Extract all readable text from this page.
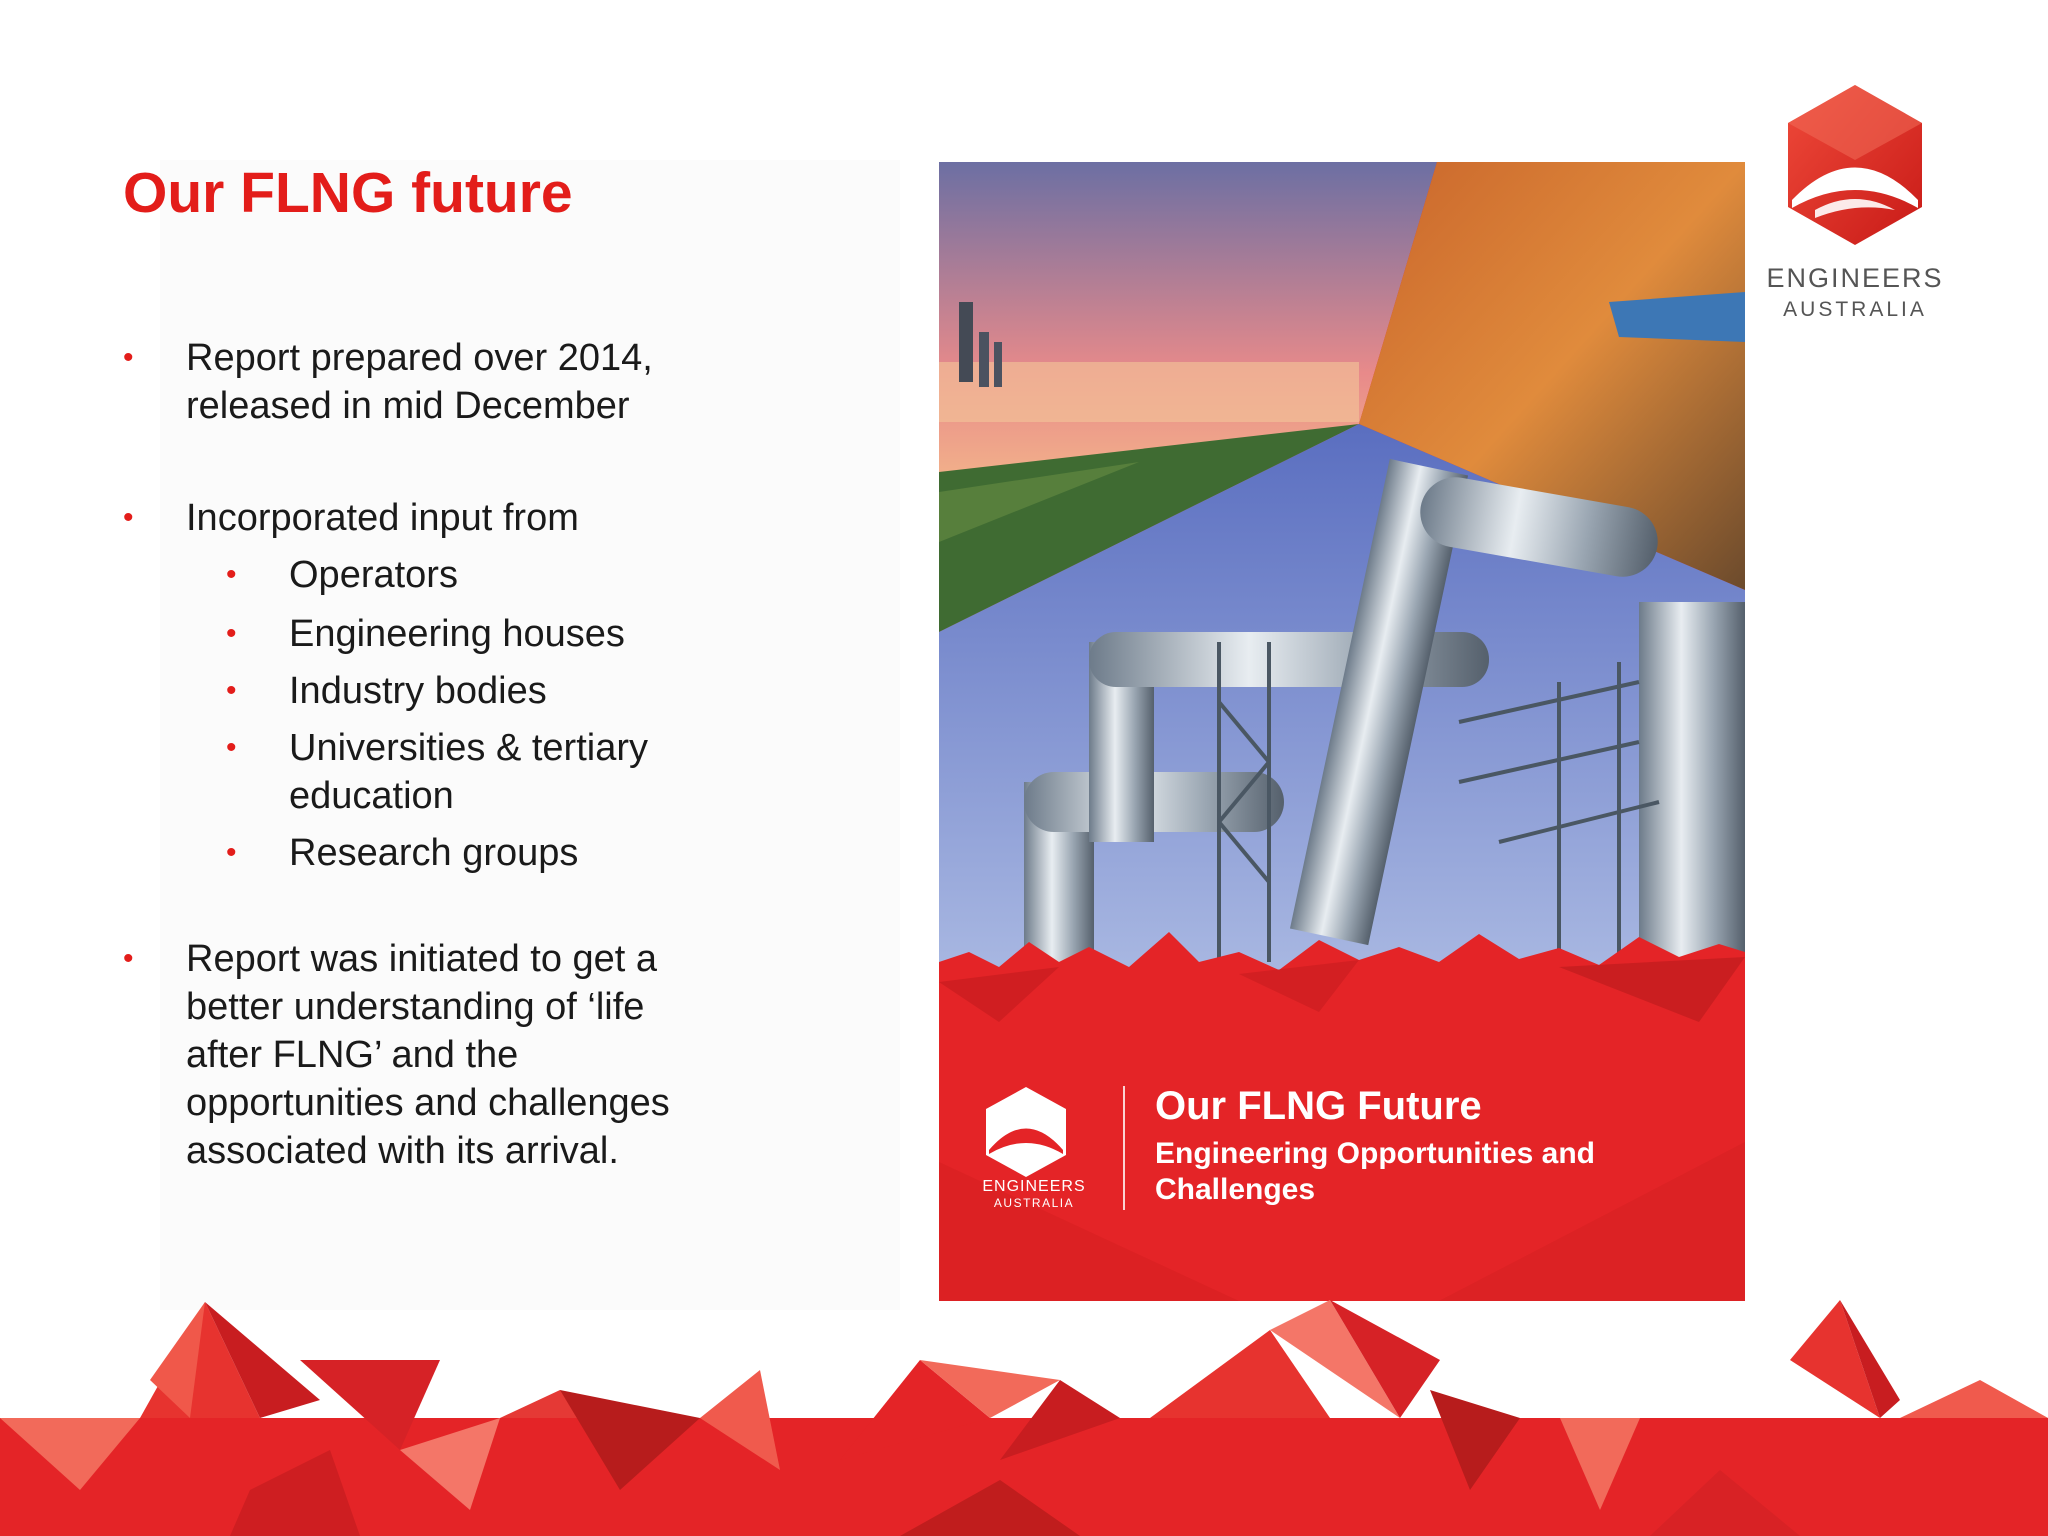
Our FLNG future
• Report prepared over 2014,
released in mid December
• Incorporated input from
• Operators
• Engineering houses
• Industry bodies
• Universities & tertiary education
• Research groups
• Report was initiated to get a better understanding of ‘life after FLNG’ and the opportunities and challenges associated with its arrival.
ENGINEERS
AUSTRALIA
Our FLNG Future
Engineering Opportunities and Challenges
ENGINEERS
AUSTRALIA
